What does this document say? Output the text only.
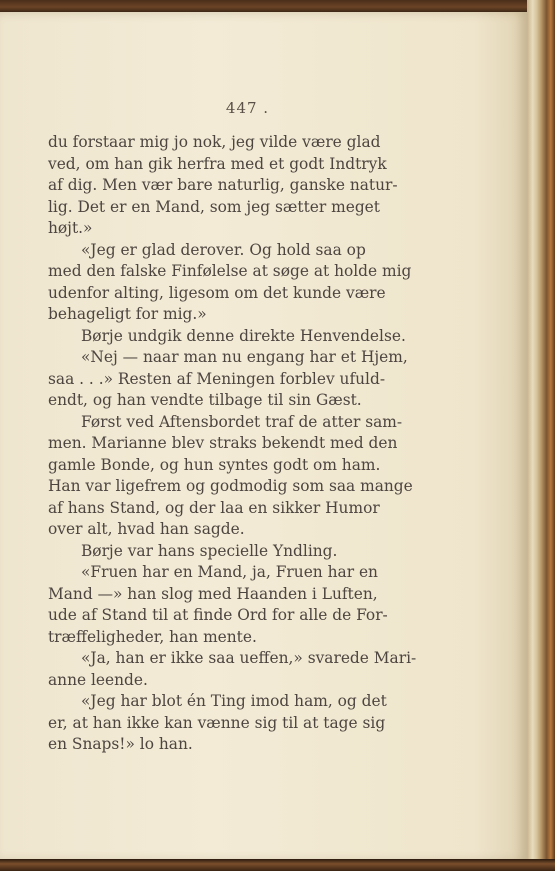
447 .
du forstaar mig jo nok, jeg vilde være glad
ved, om han gik herfra med et godt Indtryk
af dig. Men vær bare naturlig, ganske natur-
lig. Det er en Mand, som jeg sætter meget
højt.»
«Jeg er glad derover. Og hold saa op
med den falske Finfølelse at søge at holde mig
udenfor alting, ligesom om det kunde være
behageligt for mig.»
Børje undgik denne direkte Henvendelse.
«Nej — naar man nu engang har et Hjem,
saa . . .» Resten af Meningen forblev ufuld-
endt, og han vendte tilbage til sin Gæst.
Først ved Aftensbordet traf de atter sam-
men. Marianne blev straks bekendt med den
gamle Bonde, og hun syntes godt om ham.
Han var ligefrem og godmodig som saa mange
af hans Stand, og der laa en sikker Humor
over alt, hvad han sagde.
Børje var hans specielle Yndling.
«Fruen har en Mand, ja, Fruen har en
Mand —» han slog med Haanden i Luften,
ude af Stand til at finde Ord for alle de For-
træffeligheder, han mente.
«Ja, han er ikke saa ueffen,» svarede Mari-
anne leende.
«Jeg har blot én Ting imod ham, og det
er, at han ikke kan vænne sig til at tage sig
en Snaps!» lo han.
